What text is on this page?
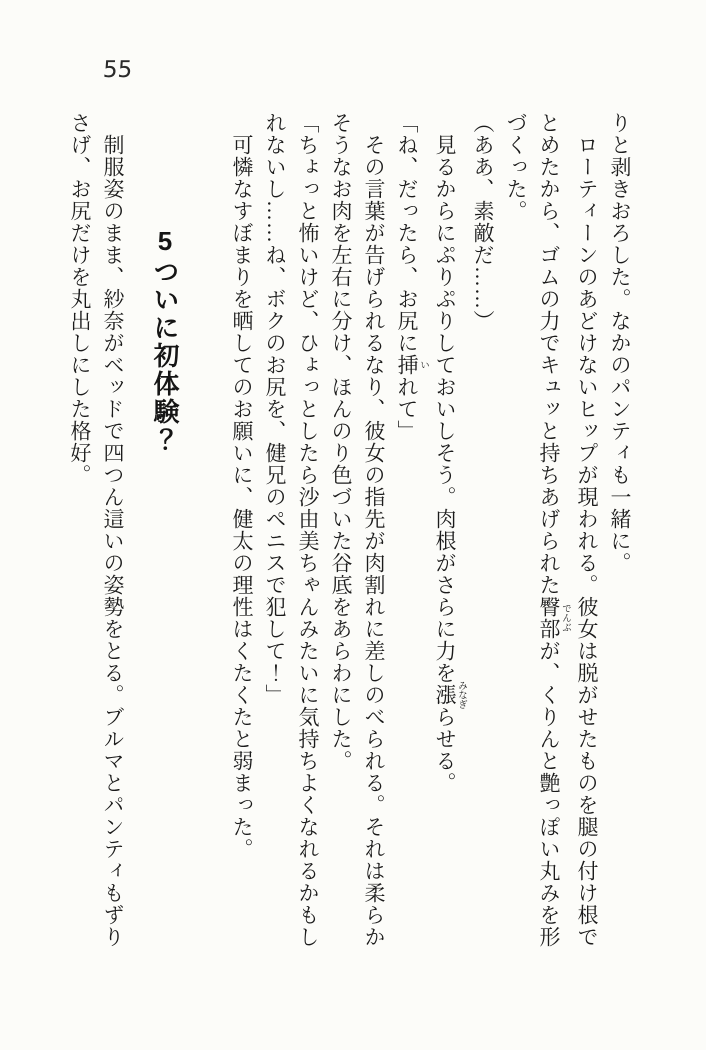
55
りと剥きおろした。なかのパンティも一緒に。
ローティーンのあどけないヒップが現われる。彼女は脱がせたものを腿の付け根で
とめたから、ゴムの力でキュッと持ちあげられた臀部 でんぶが、くりんと艶っぽい丸みを形
づくった。
（ああ、素敵だ……）
見るからにぷりぷりしておいしそう。肉根がさらに力を漲 みなぎらせる。
「ね、だったら、お尻に挿 いれて」
その言葉が告げられるなり、彼女の指先が肉割れに差しのべられる。それは柔らか
そうなお肉を左右に分け、ほんのり色づいた谷底をあらわにした。
「ちょっと怖いけど、ひょっとしたら沙由美ちゃんみたいに気持ちよくなれるかもし
れないし……ね、ボクのお尻を、健兄のペニスで犯して！」
可憐なすぼまりを晒してのお願いに、健太の理性はくたくたと弱まった。
5ついに初体験？
制服姿のまま、紗奈がベッドで四つん這いの姿勢をとる。ブルマとパンティもずり
さげ、お尻だけを丸出しにした格好。
